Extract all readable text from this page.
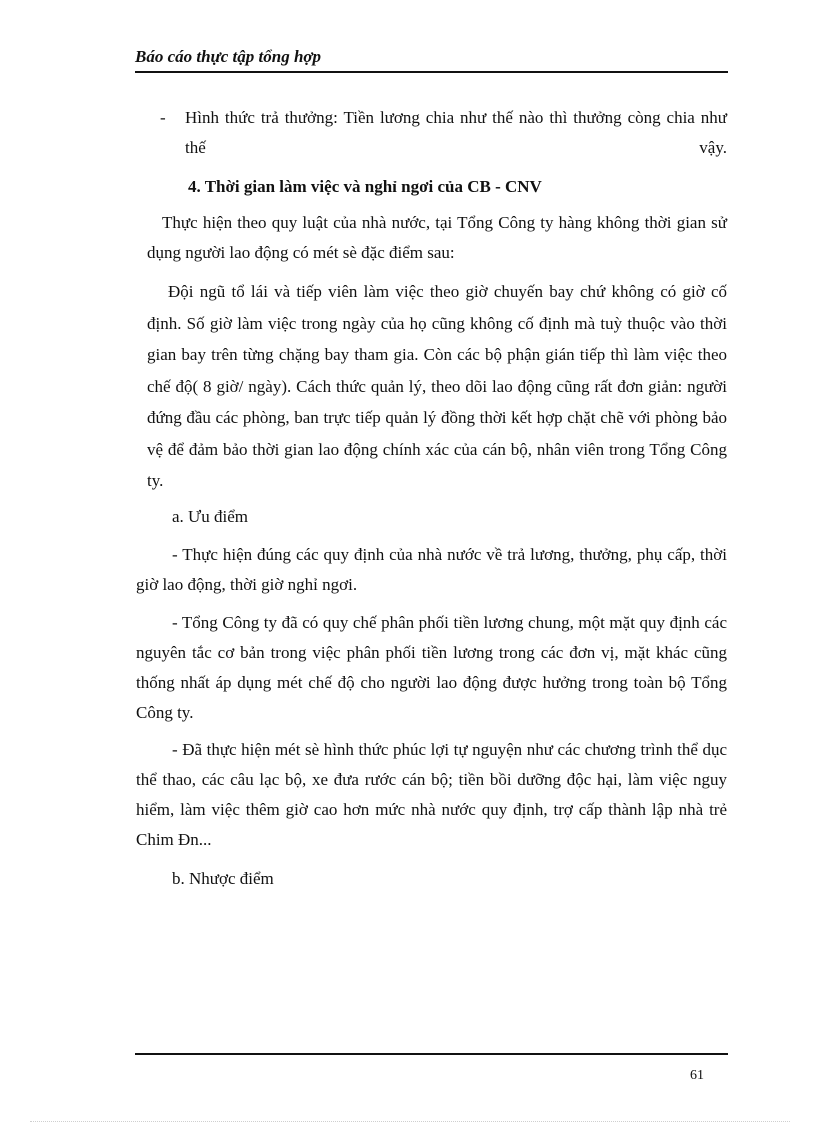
Báo cáo thực tập tổng hợp
- Hình thức trả thưởng: Tiền lương chia như thế nào thì thưởng còng chia như thế vậy.
4. Thời gian làm việc và nghỉ ngơi của CB - CNV
Thực hiện theo quy luật của nhà nước, tại Tổng Công ty hàng không thời gian sử dụng người lao động có mét sè đặc điểm sau:
Đội ngũ tổ lái và tiếp viên làm việc theo giờ chuyến bay chứ không có giờ cố định. Số giờ làm việc trong ngày của họ cũng không cố định mà tuỳ thuộc vào thời gian bay trên từng chặng bay tham gia. Còn các bộ phận gián tiếp thì làm việc theo chế độ( 8 giờ/ ngày). Cách thức quản lý, theo dõi lao động cũng rất đơn giản: người đứng đầu các phòng, ban trực tiếp quản lý đồng thời kết hợp chặt chẽ với phòng bảo vệ để đảm bảo thời gian lao động chính xác của cán bộ, nhân viên trong Tổng Công ty.
a. Ưu điểm
- Thực hiện đúng các quy định của nhà nước về trả lương, thưởng, phụ cấp, thời giờ lao động, thời giờ nghỉ ngơi.
- Tổng Công ty đã có quy chế phân phối tiền lương chung, một mặt quy định các nguyên tắc cơ bản trong việc phân phối tiền lương trong các đơn vị, mặt khác cũng thống nhất áp dụng mét chế độ cho người lao động được hưởng trong toàn bộ Tổng Công ty.
- Đã thực hiện mét sè hình thức phúc lợi tự nguyện như các chương trình thể dục thể thao, các câu lạc bộ, xe đưa rước cán bộ; tiền bồi dưỡng độc hại, làm việc nguy hiểm, làm việc thêm giờ cao hơn mức nhà nước quy định, trợ cấp thành lập nhà trẻ Chim Đn...
b. Nhược điểm
61
